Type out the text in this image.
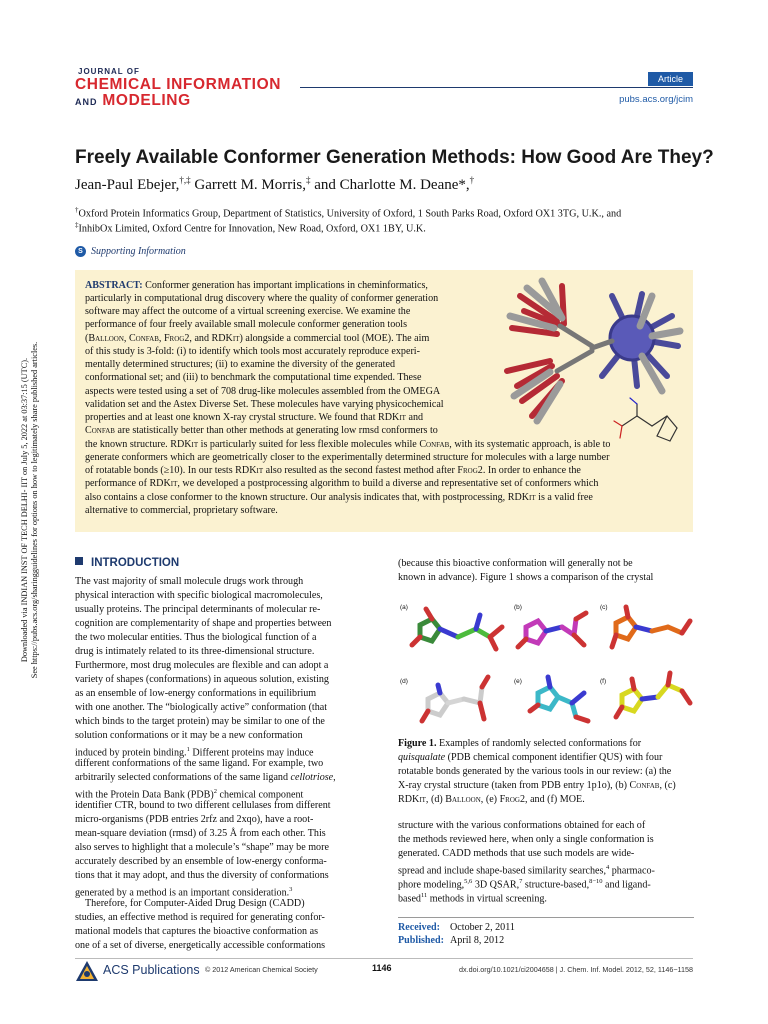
Downloaded via INDIAN INST OF TECH DELHI- IIT on July 5, 2022 at 03:37:15 (UTC). See https://pubs.acs.org/sharingguidelines for options on how to legitimately share published articles.
JOURNAL OF
CHEMICAL INFORMATION
AND MODELING
Article
pubs.acs.org/jcim
Freely Available Conformer Generation Methods: How Good Are They?
Jean-Paul Ebejer,†,‡ Garrett M. Morris,‡ and Charlotte M. Deane*,†
†Oxford Protein Informatics Group, Department of Statistics, University of Oxford, 1 South Parks Road, Oxford OX1 3TG, U.K., and
‡InhibOx Limited, Oxford Centre for Innovation, New Road, Oxford, OX1 1BY, U.K.
S Supporting Information
ABSTRACT: Conformer generation has important implications in cheminformatics,
particularly in computational drug discovery where the quality of conformer generation
software may affect the outcome of a virtual screening exercise. We examine the
performance of four freely available small molecule conformer generation tools
(Balloon, Confab, Frog2, and RDKit) alongside a commercial tool (MOE). The aim
of this study is 3-fold: (i) to identify which tools most accurately reproduce experi-
mentally determined structures; (ii) to examine the diversity of the generated
conformational set; and (iii) to benchmark the computational time expended. These
aspects were tested using a set of 708 drug-like molecules assembled from the OMEGA
validation set and the Astex Diverse Set. These molecules have varying physicochemical
properties and at least one known X-ray crystal structure. We found that RDKit and
Confab are statistically better than other methods at generating low rmsd conformers to
the known structure. RDKit is particularly suited for less flexible molecules while Confab, with its systematic approach, is able to
generate conformers which are geometrically closer to the experimentally determined structure for molecules with a large number
of rotatable bonds (≥10). In our tests RDKit also resulted as the second fastest method after Frog2. In order to enhance the
performance of RDKit, we developed a postprocessing algorithm to build a diverse and representative set of conformers which
also contains a close conformer to the known structure. Our analysis indicates that, with postprocessing, RDKit is a valid free
alternative to commercial, proprietary software.
INTRODUCTION
The vast majority of small molecule drugs work through
physical interaction with specific biological macromolecules,
usually proteins. The principal determinants of molecular re-
cognition are complementarity of shape and properties between
the two molecular entities. Thus the biological function of a
drug is intimately related to its three-dimensional structure.
Furthermore, most drug molecules are flexible and can adopt a
variety of shapes (conformations) in aqueous solution, existing
as an ensemble of low-energy conformations in equilibrium
with one another. The “biologically active” conformation (that
which binds to the target protein) may be similar to one of the
solution conformations or it may be a new conformation
induced by protein binding.$^1$ Different proteins may induce
different conformations of the same ligand. For example, two
arbitrarily selected conformations of the same ligand cellotriose,
with the Protein Data Bank (PDB)$^2$ chemical component
identifier CTR, bound to two different cellulases from different
micro-organisms (PDB entries 2rfz and 2xqo), have a root-
mean-square deviation (rmsd) of 3.25 Å from each other. This
also serves to highlight that a molecule’s “shape” may be more
accurately described by an ensemble of low-energy conforma-
tions that it may adopt, and thus the diversity of conformations
generated by a method is an important consideration.$^3$
Therefore, for Computer-Aided Drug Design (CADD)
studies, an effective method is required for generating confor-
mational models that captures the bioactive conformation as
one of a set of diverse, energetically accessible conformations
(because this bioactive conformation will generally not be
known in advance). Figure 1 shows a comparison of the crystal
(a)	(b)	(c)
(d)	(e)	(f)
Figure 1. Examples of randomly selected conformations for
quisqualate (PDB chemical component identifier QUS) with four
rotatable bonds generated by the various tools in our review: (a) the
X-ray crystal structure (taken from PDB entry 1p1o), (b) Confab, (c)
RDKit, (d) Balloon, (e) Frog2, and (f) MOE.
structure with the various conformations obtained for each of
the methods reviewed here, when only a single conformation is
generated. CADD methods that use such models are wide-
spread and include shape-based similarity searches,$^4$ pharmaco-
phore modeling,$^{5,6}$ 3D QSAR,$^7$ structure-based,$^{8-10}$ and ligand-
based$^{11}$ methods in virtual screening.
Received: October 2, 2011
Published: April 8, 2012
ACS Publications © 2012 American Chemical Society	1146	dx.doi.org/10.1021/ci2004658 | J. Chem. Inf. Model. 2012, 52, 1146−1158
